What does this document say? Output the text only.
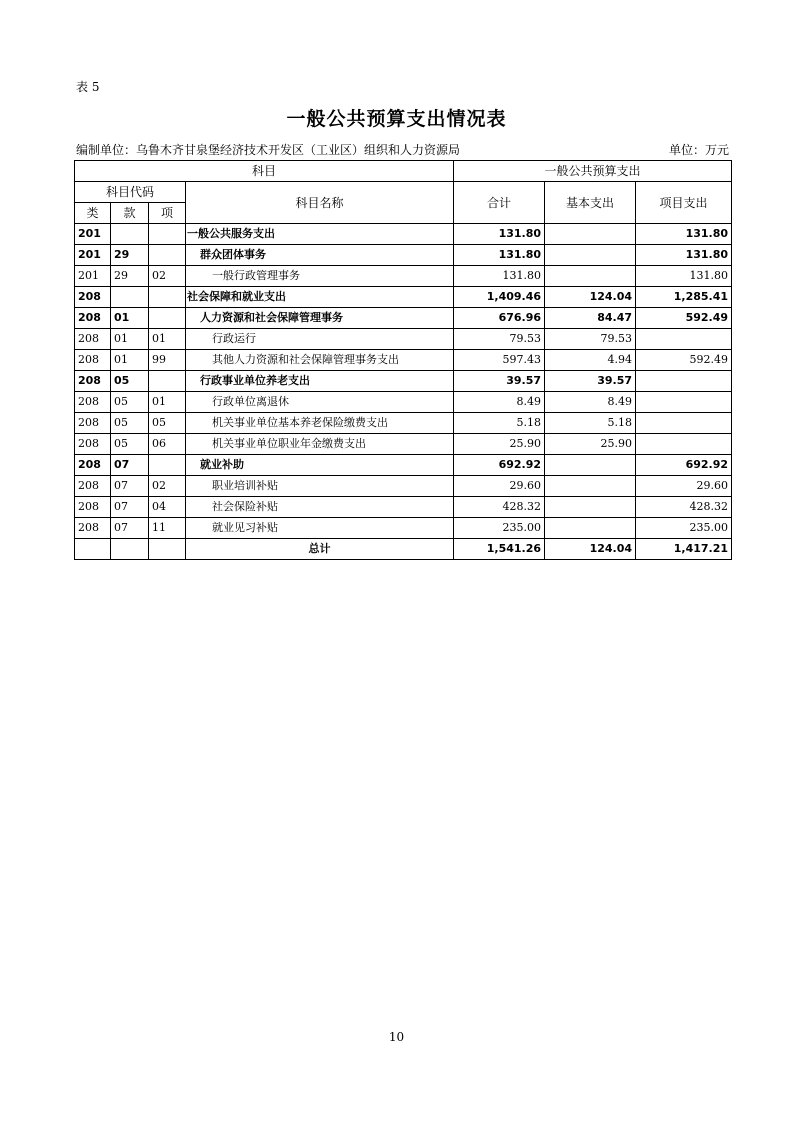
表 5
一般公共预算支出情况表
编制单位：乌鲁木齐甘泉堡经济技术开发区（工业区）组织和人力资源局	单位：万元
科目				一般公共预算支出		
科目代码			科目名称	合计	基本支出	项目支出
类	款	项				
201			一般公共服务支出	131.80		131.80
201	29		群众团体事务	131.80		131.80
201	29	02	一般行政管理事务	131.80		131.80
208			社会保障和就业支出	1,409.46	124.04	1,285.41
208	01		人力资源和社会保障管理事务	676.96	84.47	592.49
208	01	01	行政运行	79.53	79.53	
208	01	99	其他人力资源和社会保障管理事务支出	597.43	4.94	592.49
208	05		行政事业单位养老支出	39.57	39.57	
208	05	01	行政单位离退休	8.49	8.49	
208	05	05	机关事业单位基本养老保险缴费支出	5.18	5.18	
208	05	06	机关事业单位职业年金缴费支出	25.90	25.90	
208	07		就业补助	692.92		692.92
208	07	02	职业培训补贴	29.60		29.60
208	07	04	社会保险补贴	428.32		428.32
208	07	11	就业见习补贴	235.00		235.00
			总计	1,541.26	124.04	1,417.21
10
